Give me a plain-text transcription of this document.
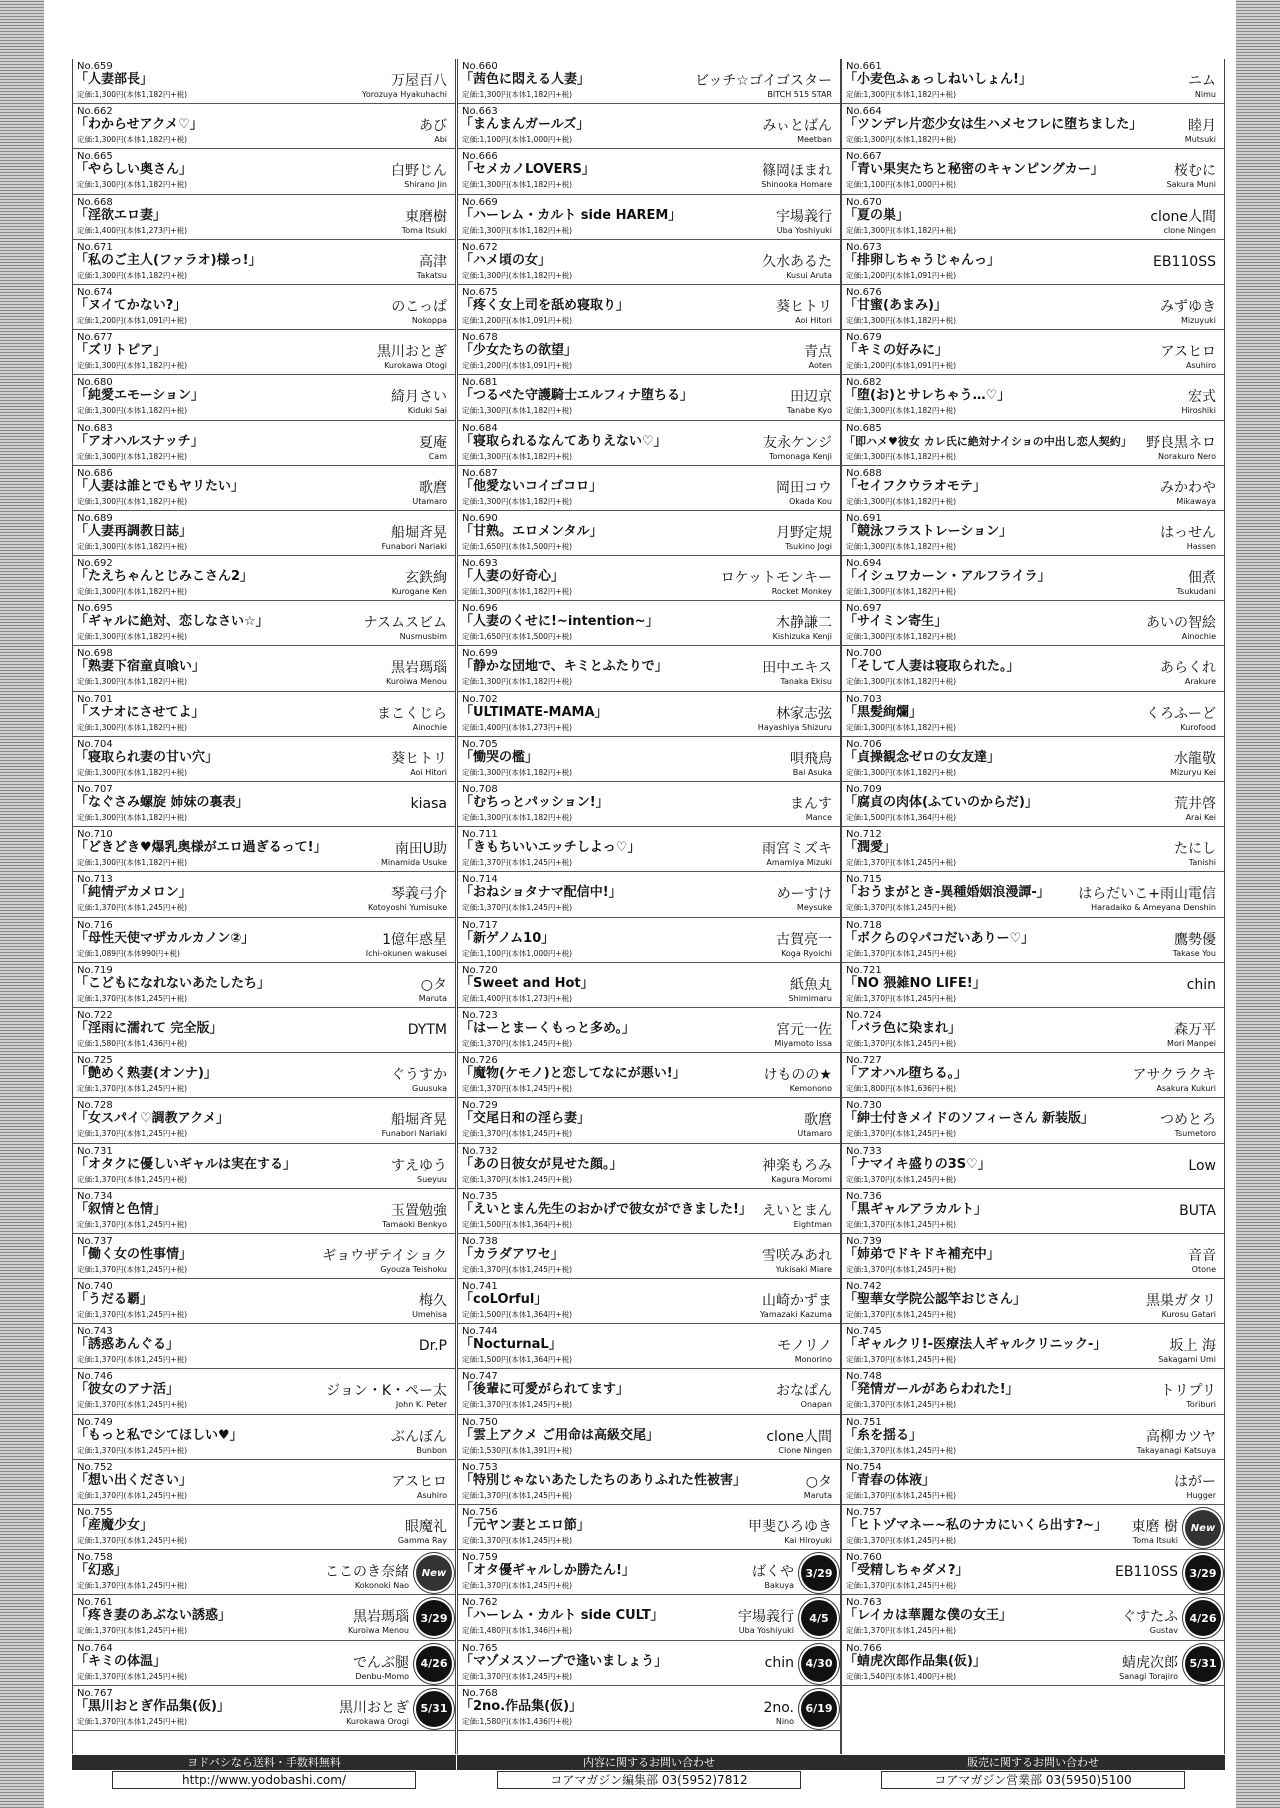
No.659
「人妻部長」
定価:1,300円(本体1,182円+税)
万屋百八
Yorozuya Hyakuhachi
No.662
「わからせアクメ♡」
定価:1,300円(本体1,182円+税)
あび
Abi
No.665
「やらしい奥さん」
定価:1,300円(本体1,182円+税)
白野じん
Shirano Jin
No.668
「淫欲エロ妻」
定価:1,400円(本体1,273円+税)
東磨樹
Toma Itsuki
No.671
「私のご主人(ファラオ)様っ!」
定価:1,300円(本体1,182円+税)
高津
Takatsu
No.674
「ヌイてかない?」
定価:1,200円(本体1,091円+税)
のこっぱ
Nokoppa
No.677
「ズリトピア」
定価:1,300円(本体1,182円+税)
黒川おとぎ
Kurokawa Otogi
No.680
「純愛エモーション」
定価:1,300円(本体1,182円+税)
綺月さい
Kiduki Sai
No.683
「アオハルスナッチ」
定価:1,300円(本体1,182円+税)
夏庵
Cam
No.686
「人妻は誰とでもヤリたい」
定価:1,300円(本体1,182円+税)
歌麿
Utamaro
No.689
「人妻再調教日誌」
定価:1,300円(本体1,182円+税)
船堀斉晃
Funabori Nariaki
No.692
「たえちゃんとじみこさん2」
定価:1,300円(本体1,182円+税)
玄鉄絢
Kurogane Ken
No.695
「ギャルに絶対、恋しなさい☆」
定価:1,300円(本体1,182円+税)
ナスムスビム
Nusmusbim
No.698
「熟妻下宿童貞喰い」
定価:1,300円(本体1,182円+税)
黒岩瑪瑙
Kuroiwa Menou
No.701
「スナオにさせてよ」
定価:1,300円(本体1,182円+税)
まこくじら
Ainochie
No.704
「寝取られ妻の甘い穴」
定価:1,300円(本体1,182円+税)
葵ヒトリ
Aoi Hitori
No.707
「なぐさみ螺旋 姉妹の裏表」
定価:1,300円(本体1,182円+税)
kiasa
No.710
「どきどき♥爆乳奥様がエロ過ぎるって!」
定価:1,300円(本体1,182円+税)
南田U助
Minamida Usuke
No.713
「純情デカメロン」
定価:1,370円(本体1,245円+税)
琴義弓介
Kotoyoshi Yumisuke
No.716
「母性天使マザカルカノン②」
定価:1,089円(本体990円+税)
1億年惑星
Ichi-okunen wakusei
No.719
「こどもになれないあたしたち」
定価:1,370円(本体1,245円+税)
○タ
Maruta
No.722
「淫雨に濡れて 完全版」
定価:1,580円(本体1,436円+税)
DYTM
No.725
「艶めく熟妻(オンナ)」
定価:1,370円(本体1,245円+税)
ぐうすか
Guusuka
No.728
「女スパイ♡調教アクメ」
定価:1,370円(本体1,245円+税)
船堀斉晃
Funabori Nariaki
No.731
「オタクに優しいギャルは実在する」
定価:1,370円(本体1,245円+税)
すえゆう
Sueyuu
No.734
「叙情と色情」
定価:1,370円(本体1,245円+税)
玉置勉強
Tamaoki Benkyo
No.737
「働く女の性事情」
定価:1,370円(本体1,245円+税)
ギョウザテイショク
Gyouza Teishoku
No.740
「うだる覇」
定価:1,370円(本体1,245円+税)
梅久
Umehisa
No.743
「誘惑あんぐる」
定価:1,370円(本体1,245円+税)
Dr.P
No.746
「彼女のアナ活」
定価:1,370円(本体1,245円+税)
ジョン・K・ペー太
John K. Peter
No.749
「もっと私でシてほしい♥」
定価:1,370円(本体1,245円+税)
ぶんぼん
Bunbon
No.752
「想い出ください」
定価:1,370円(本体1,245円+税)
アスヒロ
Asuhiro
No.755
「産魔少女」
定価:1,370円(本体1,245円+税)
眼魔礼
Gamma Ray
No.758
「幻惑」
定価:1,370円(本体1,245円+税)
ここのき奈緒
Kokonoki Nao
New
No.761
「疼き妻のあぶない誘惑」
定価:1,370円(本体1,245円+税)
黒岩瑪瑙
Kuroiwa Menou
3/29
No.764
「キミの体温」
定価:1,370円(本体1,245円+税)
でんぶ腿
Denbu-Momo
4/26
No.767
「黒川おとぎ作品集(仮)」
定価:1,370円(本体1,245円+税)
黒川おとぎ
Kurokawa Orogi
5/31
No.660
「茜色に悶える人妻」
定価:1,300円(本体1,182円+税)
ビッチ☆ゴイゴスター
BITCH 515 STAR
No.663
「まんまんガールズ」
定価:1,100円(本体1,000円+税)
みぃとばん
Meetban
No.666
「セメカノLOVERS」
定価:1,300円(本体1,182円+税)
篠岡ほまれ
Shinooka Homare
No.669
「ハーレム・カルト side HAREM」
定価:1,300円(本体1,182円+税)
宇場義行
Uba Yoshiyuki
No.672
「ハメ頃の女」
定価:1,300円(本体1,182円+税)
久水あるた
Kusui Aruta
No.675
「疼く女上司を舐め寝取り」
定価:1,200円(本体1,091円+税)
葵ヒトリ
Aoi Hitori
No.678
「少女たちの欲望」
定価:1,200円(本体1,091円+税)
青点
Aoten
No.681
「つるぺた守護騎士エルフィナ堕ちる」
定価:1,300円(本体1,182円+税)
田辺京
Tanabe Kyo
No.684
「寝取られるなんてありえない♡」
定価:1,300円(本体1,182円+税)
友永ケンジ
Tomonaga Kenji
No.687
「他愛ないコイゴコロ」
定価:1,300円(本体1,182円+税)
岡田コウ
Okada Kou
No.690
「甘熟。エロメンタル」
定価:1,650円(本体1,500円+税)
月野定規
Tsukino Jogi
No.693
「人妻の好奇心」
定価:1,300円(本体1,182円+税)
ロケットモンキー
Rocket Monkey
No.696
「人妻のくせに!~intention~」
定価:1,650円(本体1,500円+税)
木静謙二
Kishizuka Kenji
No.699
「静かな団地で、キミとふたりで」
定価:1,300円(本体1,182円+税)
田中エキス
Tanaka Ekisu
No.702
「ULTIMATE-MAMA」
定価:1,400円(本体1,273円+税)
林家志弦
Hayashiya Shizuru
No.705
「慟哭の檻」
定価:1,300円(本体1,182円+税)
唄飛鳥
Bai Asuka
No.708
「むちっとパッション!」
定価:1,300円(本体1,182円+税)
まんす
Mance
No.711
「きもちいいエッチしよっ♡」
定価:1,370円(本体1,245円+税)
雨宮ミズキ
Amamiya Mizuki
No.714
「おねショタナマ配信中!」
定価:1,370円(本体1,245円+税)
めーすけ
Meysuke
No.717
「新ゲノム10」
定価:1,100円(本体1,000円+税)
古賀亮一
Koga Ryoichi
No.720
「Sweet and Hot」
定価:1,400円(本体1,273円+税)
紙魚丸
Shimimaru
No.723
「はーとまーくもっと多め。」
定価:1,370円(本体1,245円+税)
宮元一佐
Miyamoto Issa
No.726
「魔物(ケモノ)と恋してなにが悪い!」
定価:1,370円(本体1,245円+税)
けものの★
Kemonono
No.729
「交尾日和の淫ら妻」
定価:1,370円(本体1,245円+税)
歌麿
Utamaro
No.732
「あの日彼女が見せた顔。」
定価:1,370円(本体1,245円+税)
神楽もろみ
Kagura Moromi
No.735
「えいとまん先生のおかげで彼女ができました!」
定価:1,500円(本体1,364円+税)
えいとまん
Eightman
No.738
「カラダアワセ」
定価:1,370円(本体1,245円+税)
雪咲みあれ
Yukisaki Miare
No.741
「coLOrful」
定価:1,500円(本体1,364円+税)
山崎かずま
Yamazaki Kazuma
No.744
「NocturnaL」
定価:1,500円(本体1,364円+税)
モノリノ
Monorino
No.747
「後輩に可愛がられてます」
定価:1,370円(本体1,245円+税)
おなぱん
Onapan
No.750
「雲上アクメ ご用命は高級交尾」
定価:1,530円(本体1,391円+税)
clone人間
Clone Ningen
No.753
「特別じゃないあたしたちのありふれた性被害」
定価:1,370円(本体1,245円+税)
○タ
Maruta
No.756
「元ヤン妻とエロ節」
定価:1,370円(本体1,245円+税)
甲斐ひろゆき
Kai Hiroyuki
No.759
「オタ優ギャルしか勝たん!」
定価:1,370円(本体1,245円+税)
ばくや
Bakuya
3/29
No.762
「ハーレム・カルト side CULT」
定価:1,480円(本体1,346円+税)
宇場義行
Uba Yoshiyuki
4/5
No.765
「マゾメスソープで逢いましょう」
定価:1,370円(本体1,245円+税)
chin	4/30
No.768
「2no.作品集(仮)」
定価:1,580円(本体1,436円+税)
2no.
Nino
6/19
No.661
「小麦色ふぁっしねいしょん!」
定価:1,300円(本体1,182円+税)
ニム
Nimu
No.664
「ツンデレ片恋少女は生ハメセフレに堕ちました」
定価:1,300円(本体1,182円+税)
睦月
Mutsuki
No.667
「青い果実たちと秘密のキャンピングカー」
定価:1,100円(本体1,000円+税)
桜むに
Sakura Muni
No.670
「夏の巣」
定価:1,300円(本体1,182円+税)
clone人間
clone Ningen
No.673
「排卵しちゃうじゃんっ」
定価:1,200円(本体1,091円+税)
EB110SS
No.676
「甘蜜(あまみ)」
定価:1,300円(本体1,182円+税)
みずゆき
Mizuyuki
No.679
「キミの好みに」
定価:1,200円(本体1,091円+税)
アスヒロ
Asuhiro
No.682
「堕(お)とサレちゃう…♡」
定価:1,300円(本体1,182円+税)
宏式
Hiroshiki
No.685
「即ハメ♥彼女 カレ氏に絶対ナイショの中出し恋人契約」
定価:1,300円(本体1,182円+税)
野良黒ネロ
Norakuro Nero
No.688
「セイフクウラオモテ」
定価:1,300円(本体1,182円+税)
みかわや
Mikawaya
No.691
「競泳フラストレーション」
定価:1,300円(本体1,182円+税)
はっせん
Hassen
No.694
「イシュワカーン・アルフライラ」
定価:1,300円(本体1,182円+税)
佃煮
Tsukudani
No.697
「サイミン寄生」
定価:1,300円(本体1,182円+税)
あいの智絵
Ainochie
No.700
「そして人妻は寝取られた。」
定価:1,300円(本体1,182円+税)
あらくれ
Arakure
No.703
「黒髪絢爛」
定価:1,300円(本体1,182円+税)
くろふーど
Kurofood
No.706
「貞操観念ゼロの女友達」
定価:1,300円(本体1,182円+税)
水龍敬
Mizuryu Kei
No.709
「腐貞の肉体(ふていのからだ)」
定価:1,500円(本体1,364円+税)
荒井啓
Arai Kei
No.712
「潤愛」
定価:1,370円(本体1,245円+税)
たにし
Tanishi
No.715
「おうまがとき-異種婚姻浪漫譚-」
定価:1,370円(本体1,245円+税)
はらだいこ+雨山電信
Haradaiko & Ameyana Denshin
No.718
「ボクらの♀パコだいありー♡」
定価:1,370円(本体1,245円+税)
鷹勢優
Takase You
No.721
「NO 猥雑NO LIFE!」
定価:1,370円(本体1,245円+税)
chin
No.724
「バラ色に染まれ」
定価:1,370円(本体1,245円+税)
森万平
Mori Manpei
No.727
「アオハル堕ちる。」
定価:1,800円(本体1,636円+税)
アサクラクキ
Asakura Kukuri
No.730
「紳士付きメイドのソフィーさん 新装版」
定価:1,370円(本体1,245円+税)
つめとろ
Tsumetoro
No.733
「ナマイキ盛りの3S♡」
定価:1,370円(本体1,245円+税)
Low
No.736
「黒ギャルアラカルト」
定価:1,370円(本体1,245円+税)
BUTA
No.739
「姉弟でドキドキ補充中」
定価:1,370円(本体1,245円+税)
音音
Otone
No.742
「聖華女学院公認竿おじさん」
定価:1,370円(本体1,245円+税)
黒巣ガタリ
Kurosu Gatari
No.745
「ギャルクリ!-医療法人ギャルクリニック-」
定価:1,370円(本体1,245円+税)
坂上 海
Sakagami Umi
No.748
「発情ガールがあらわれた!」
定価:1,370円(本体1,245円+税)
トリプリ
Toriburi
No.751
「糸を揺る」
定価:1,370円(本体1,245円+税)
高柳カツヤ
Takayanagi Katsuya
No.754
「青春の体液」
定価:1,370円(本体1,245円+税)
はがー
Hugger
No.757
「ヒトヅマネー~私のナカにいくら出す?~」
定価:1,370円(本体1,245円+税)
東磨 樹
Toma Itsuki
New
No.760
「受精しちゃダメ?」
定価:1,370円(本体1,245円+税)
EB110SS	3/29
No.763
「レイカは華麗な僕の女王」
定価:1,370円(本体1,245円+税)
ぐすたふ
Gustav
4/26
No.766
「蜻虎次郎作品集(仮)」
定価:1,540円(本体1,400円+税)
蜻虎次郎
Sanagi Torajiro
5/31
ヨドバシなら送料・手数料無料
http://www.yodobashi.com/
内容に関するお問い合わせ
コアマガジン編集部 03(5952)7812
販売に関するお問い合わせ
コアマガジン営業部 03(5950)5100
